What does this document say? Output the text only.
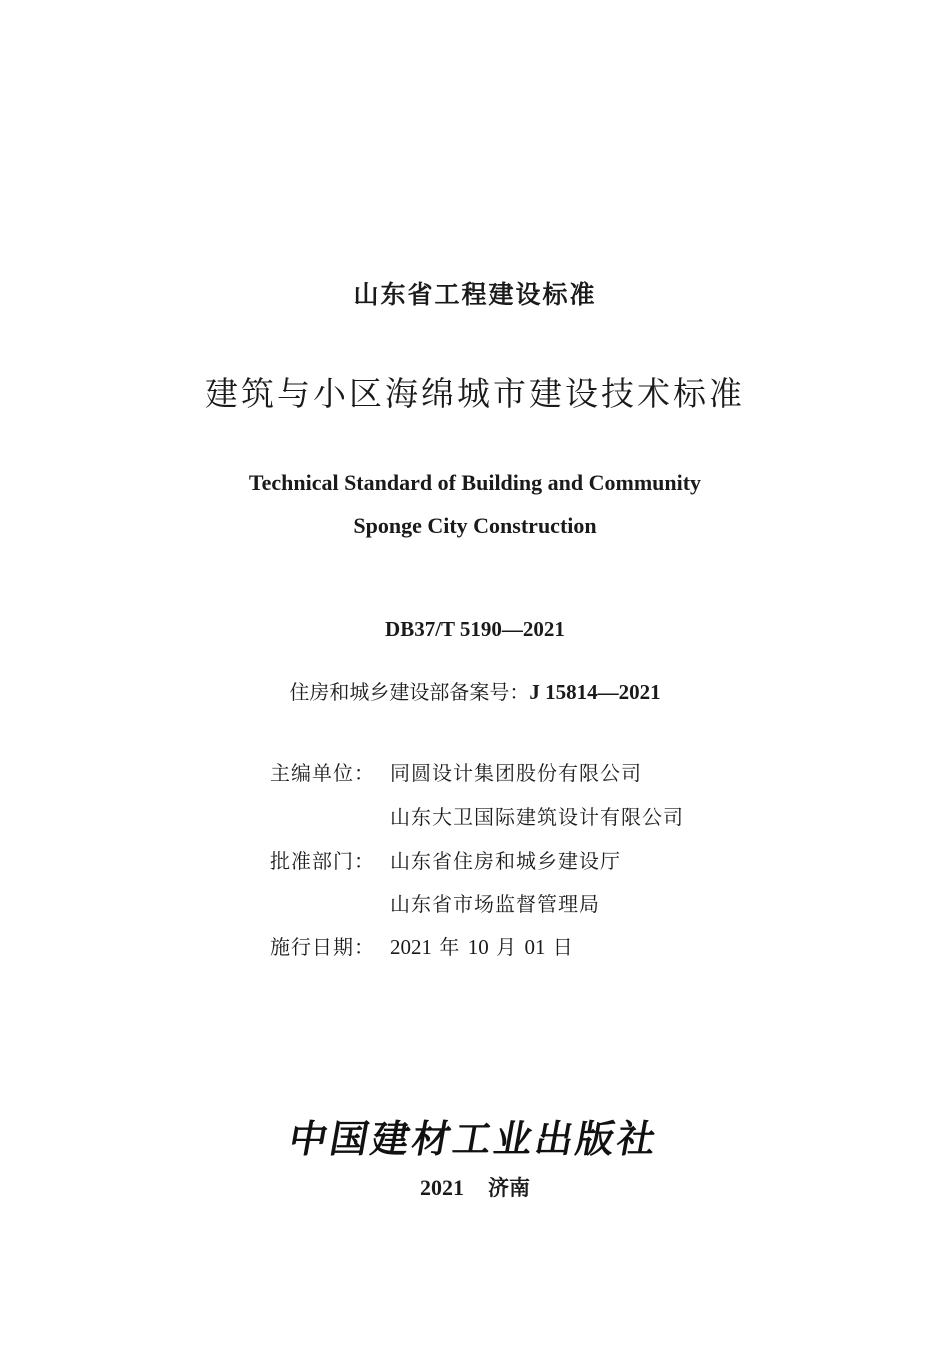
山东省工程建设标准
建筑与小区海绵城市建设技术标准
Technical Standard of Building and Community
Sponge City Construction
DB37/T 5190—2021
住房和城乡建设部备案号：J 15814—2021
主编单位： 同圆设计集团股份有限公司
山东大卫国际建筑设计有限公司
批准部门： 山东省住房和城乡建设厅
山东省市场监督管理局
施行日期： 2021 年 10 月 01 日
中国建材工业出版社
2021 济南
